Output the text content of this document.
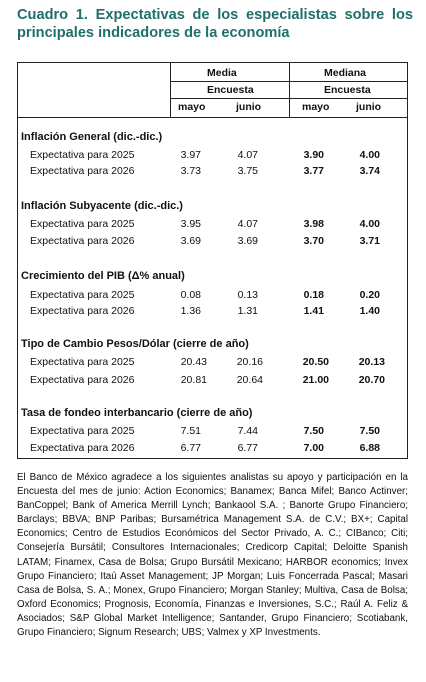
Cuadro 1. Expectativas de los especialistas sobre los principales indicadores de la economía
Media	Mediana
Encuesta	Encuesta
mayo	junio	mayo	junio
Inflación General (dic.-dic.)
Expectativa para 2025	3.97	4.07	3.90	4.00
Expectativa para 2026	3.73	3.75	3.77	3.74
Inflación Subyacente (dic.-dic.)
Expectativa para 2025	3.95	4.07	3.98	4.00
Expectativa para 2026	3.69	3.69	3.70	3.71
Crecimiento del PIB (Δ% anual)
Expectativa para 2025	0.08	0.13	0.18	0.20
Expectativa para 2026	1.36	1.31	1.41	1.40
Tipo de Cambio Pesos/Dólar (cierre de año)
Expectativa para 2025	20.43	20.16	20.50	20.13
Expectativa para 2026	20.81	20.64	21.00	20.70
Tasa de fondeo interbancario (cierre de año)
Expectativa para 2025	7.51	7.44	7.50	7.50
Expectativa para 2026	6.77	6.77	7.00	6.88
El Banco de México agradece a los siguientes analistas su apoyo y participación en la Encuesta del mes de junio: Action Economics; Banamex; Banca Mifel; Banco Actinver; BanCoppel; Bank of America Merrill Lynch; Bankaool S.A. ; Banorte Grupo Financiero; Barclays; BBVA; BNP Paribas; Bursamétrica Management S.A. de C.V.; BX+; Capital Economics; Centro de Estudios Económicos del Sector Privado, A. C.; CIBanco; Citi; Consejería Bursátil; Consultores Internacionales; Credicorp Capital; Deloitte Spanish LATAM; Finamex, Casa de Bolsa; Grupo Bursátil Mexicano; HARBOR economics; Invex Grupo Financiero; Itaú Asset Management; JP Morgan; Luis Foncerrada Pascal; Masari Casa de Bolsa, S. A.; Monex, Grupo Financiero; Morgan Stanley; Multiva, Casa de Bolsa; Oxford Economics; Prognosis, Economía, Finanzas e Inversiones, S.C.; Raúl A. Feliz & Asociados; S&P Global Market Intelligence; Santander, Grupo Financiero; Scotiabank, Grupo Financiero; Signum Research; UBS; Valmex y XP Investments.
